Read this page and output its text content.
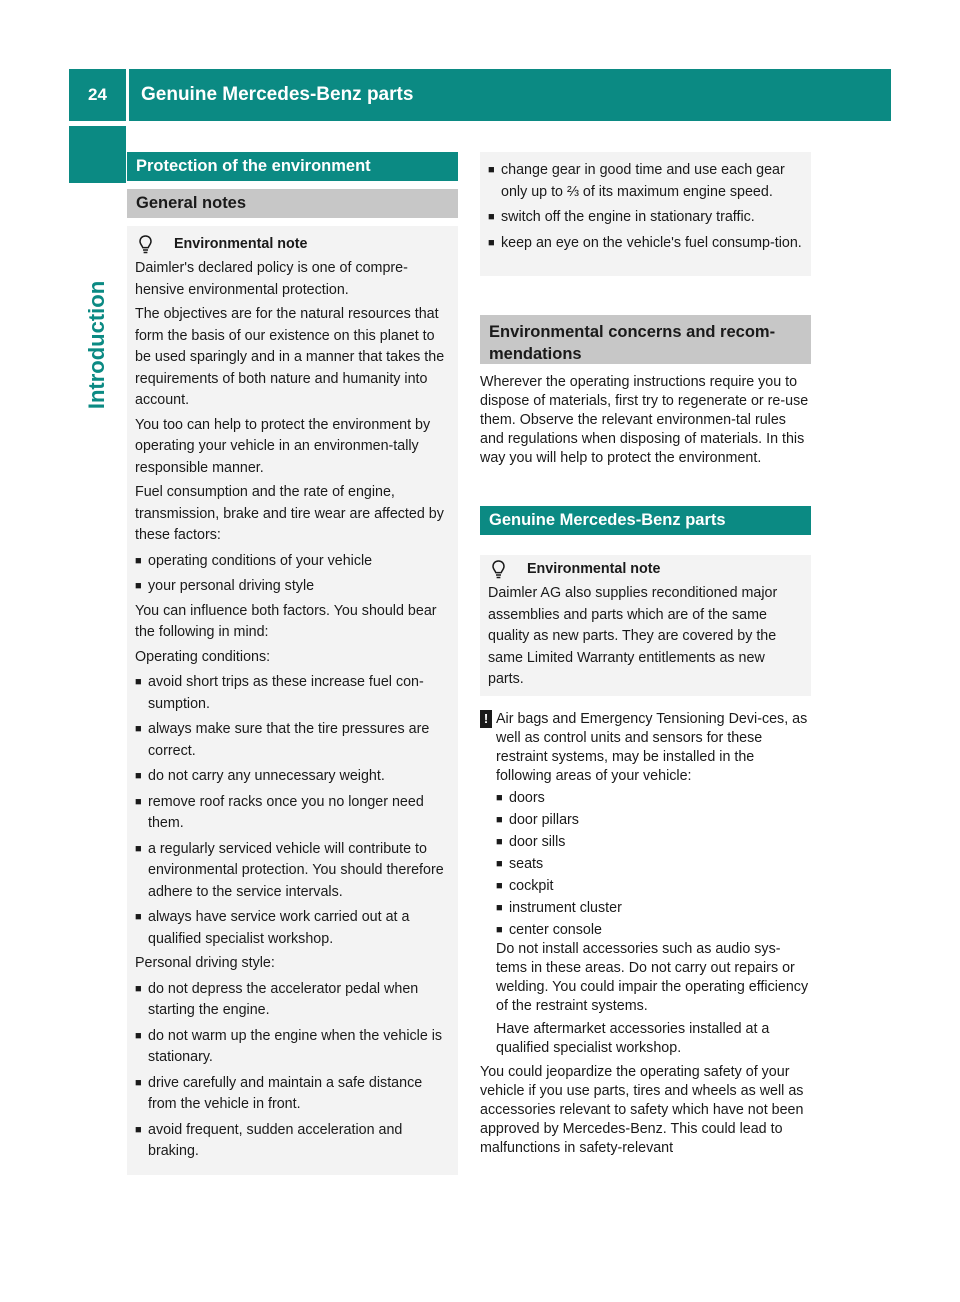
24	Genuine Mercedes-Benz parts
Introduction
Protection of the environment
General notes
Environmental note

Daimler's declared policy is one of compre-hensive environmental protection.

The objectives are for the natural resources that form the basis of our existence on this planet to be used sparingly and in a manner that takes the requirements of both nature and humanity into account.

You too can help to protect the environment by operating your vehicle in an environmen-tally responsible manner.

Fuel consumption and the rate of engine, transmission, brake and tire wear are affected by these factors:

■ operating conditions of your vehicle
■ your personal driving style

You can influence both factors. You should bear the following in mind:

Operating conditions:

■ avoid short trips as these increase fuel con-sumption.
■ always make sure that the tire pressures are correct.
■ do not carry any unnecessary weight.
■ remove roof racks once you no longer need them.
■ a regularly serviced vehicle will contribute to environmental protection. You should therefore adhere to the service intervals.
■ always have service work carried out at a qualified specialist workshop.

Personal driving style:

■ do not depress the accelerator pedal when starting the engine.
■ do not warm up the engine when the vehicle is stationary.
■ drive carefully and maintain a safe distance from the vehicle in front.
■ avoid frequent, sudden acceleration and braking.
■ change gear in good time and use each gear only up to ⅔ of its maximum engine speed.
■ switch off the engine in stationary traffic.
■ keep an eye on the vehicle's fuel consump-tion.
Environmental concerns and recom-mendations

Wherever the operating instructions require you to dispose of materials, first try to regenerate or re-use them. Observe the relevant environmen-tal rules and regulations when disposing of materials. In this way you will help to protect the environment.

Genuine Mercedes-Benz parts
Environmental note

Daimler AG also supplies reconditioned major assemblies and parts which are of the same quality as new parts. They are covered by the same Limited Warranty entitlements as new parts.

! Air bags and Emergency Tensioning Devi-ces, as well as control units and sensors for these restraint systems, may be installed in the following areas of your vehicle:

■ doors
■ door pillars
■ door sills
■ seats
■ cockpit
■ instrument cluster
■ center console

Do not install accessories such as audio sys-tems in these areas. Do not carry out repairs or welding. You could impair the operating efficiency of the restraint systems.

Have aftermarket accessories installed at a qualified specialist workshop.

You could jeopardize the operating safety of your vehicle if you use parts, tires and wheels as well as accessories relevant to safety which have not been approved by Mercedes-Benz. This could lead to malfunctions in safety-relevant
